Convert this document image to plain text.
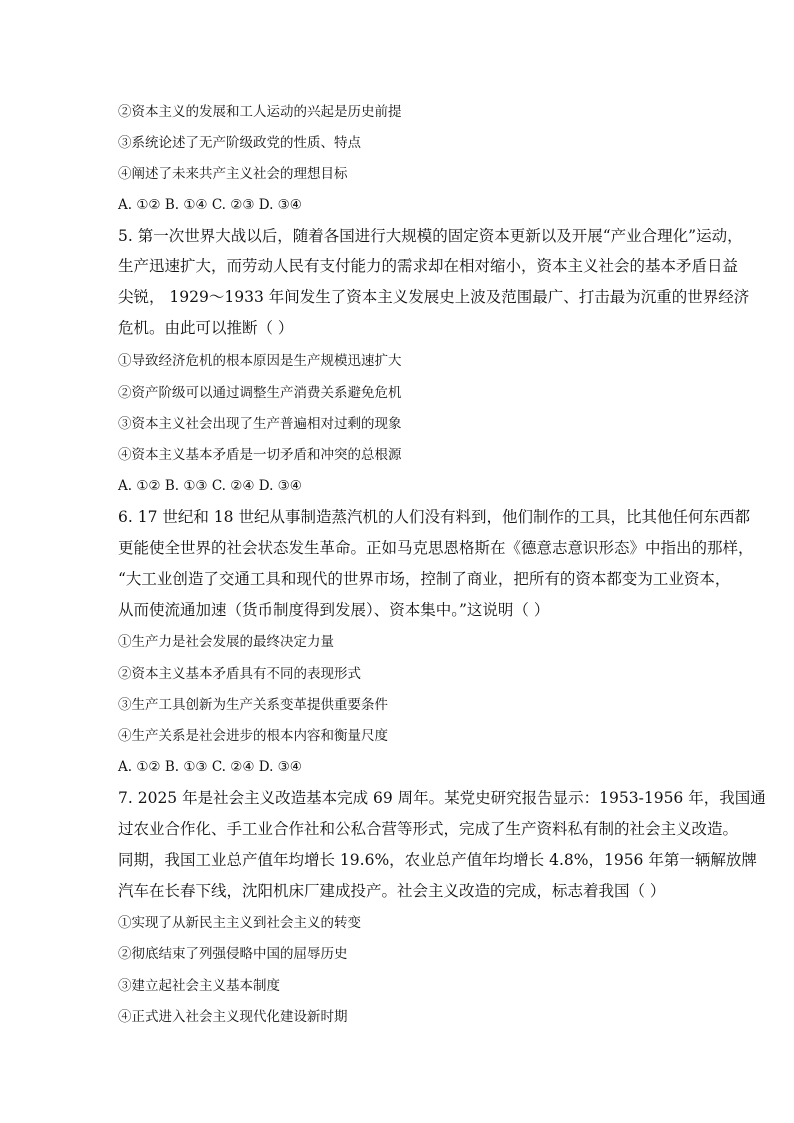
②资本主义的发展和工人运动的兴起是历史前提
③系统论述了无产阶级政党的性质、特点
④阐述了未来共产主义社会的理想目标
A. ①② B. ①④ C. ②③ D. ③④
5. 第一次世界大战以后，随着各国进行大规模的固定资本更新以及开展“产业合理化”运动，
生产迅速扩大，而劳动人民有支付能力的需求却在相对缩小，资本主义社会的基本矛盾日益
尖锐， 1929～1933 年间发生了资本主义发展史上波及范围最广、打击最为沉重的世界经济
危机。由此可以推断（ ）
①导致经济危机的根本原因是生产规模迅速扩大
②资产阶级可以通过调整生产消费关系避免危机
③资本主义社会出现了生产普遍相对过剩的现象
④资本主义基本矛盾是一切矛盾和冲突的总根源
A. ①② B. ①③ C. ②④ D. ③④
6. 17 世纪和 18 世纪从事制造蒸汽机的人们没有料到，他们制作的工具，比其他任何东西都
更能使全世界的社会状态发生革命。正如马克思恩格斯在《德意志意识形态》中指出的那样，
“大工业创造了交通工具和现代的世界市场，控制了商业，把所有的资本都变为工业资本，
从而使流通加速（货币制度得到发展）、资本集中。”这说明（ ）
①生产力是社会发展的最终决定力量
②资本主义基本矛盾具有不同的表现形式
③生产工具创新为生产关系变革提供重要条件
④生产关系是社会进步的根本内容和衡量尺度
A. ①② B. ①③ C. ②④ D. ③④
7. 2025 年是社会主义改造基本完成 69 周年。某党史研究报告显示：1953-1956 年，我国通
过农业合作化、手工业合作社和公私合营等形式，完成了生产资料私有制的社会主义改造。
同期，我国工业总产值年均增长 19.6%，农业总产值年均增长 4.8%，1956 年第一辆解放牌
汽车在长春下线，沈阳机床厂建成投产。社会主义改造的完成，标志着我国（ ）
①实现了从新民主主义到社会主义的转变
②彻底结束了列强侵略中国的屈辱历史
③建立起社会主义基本制度
④正式进入社会主义现代化建设新时期
